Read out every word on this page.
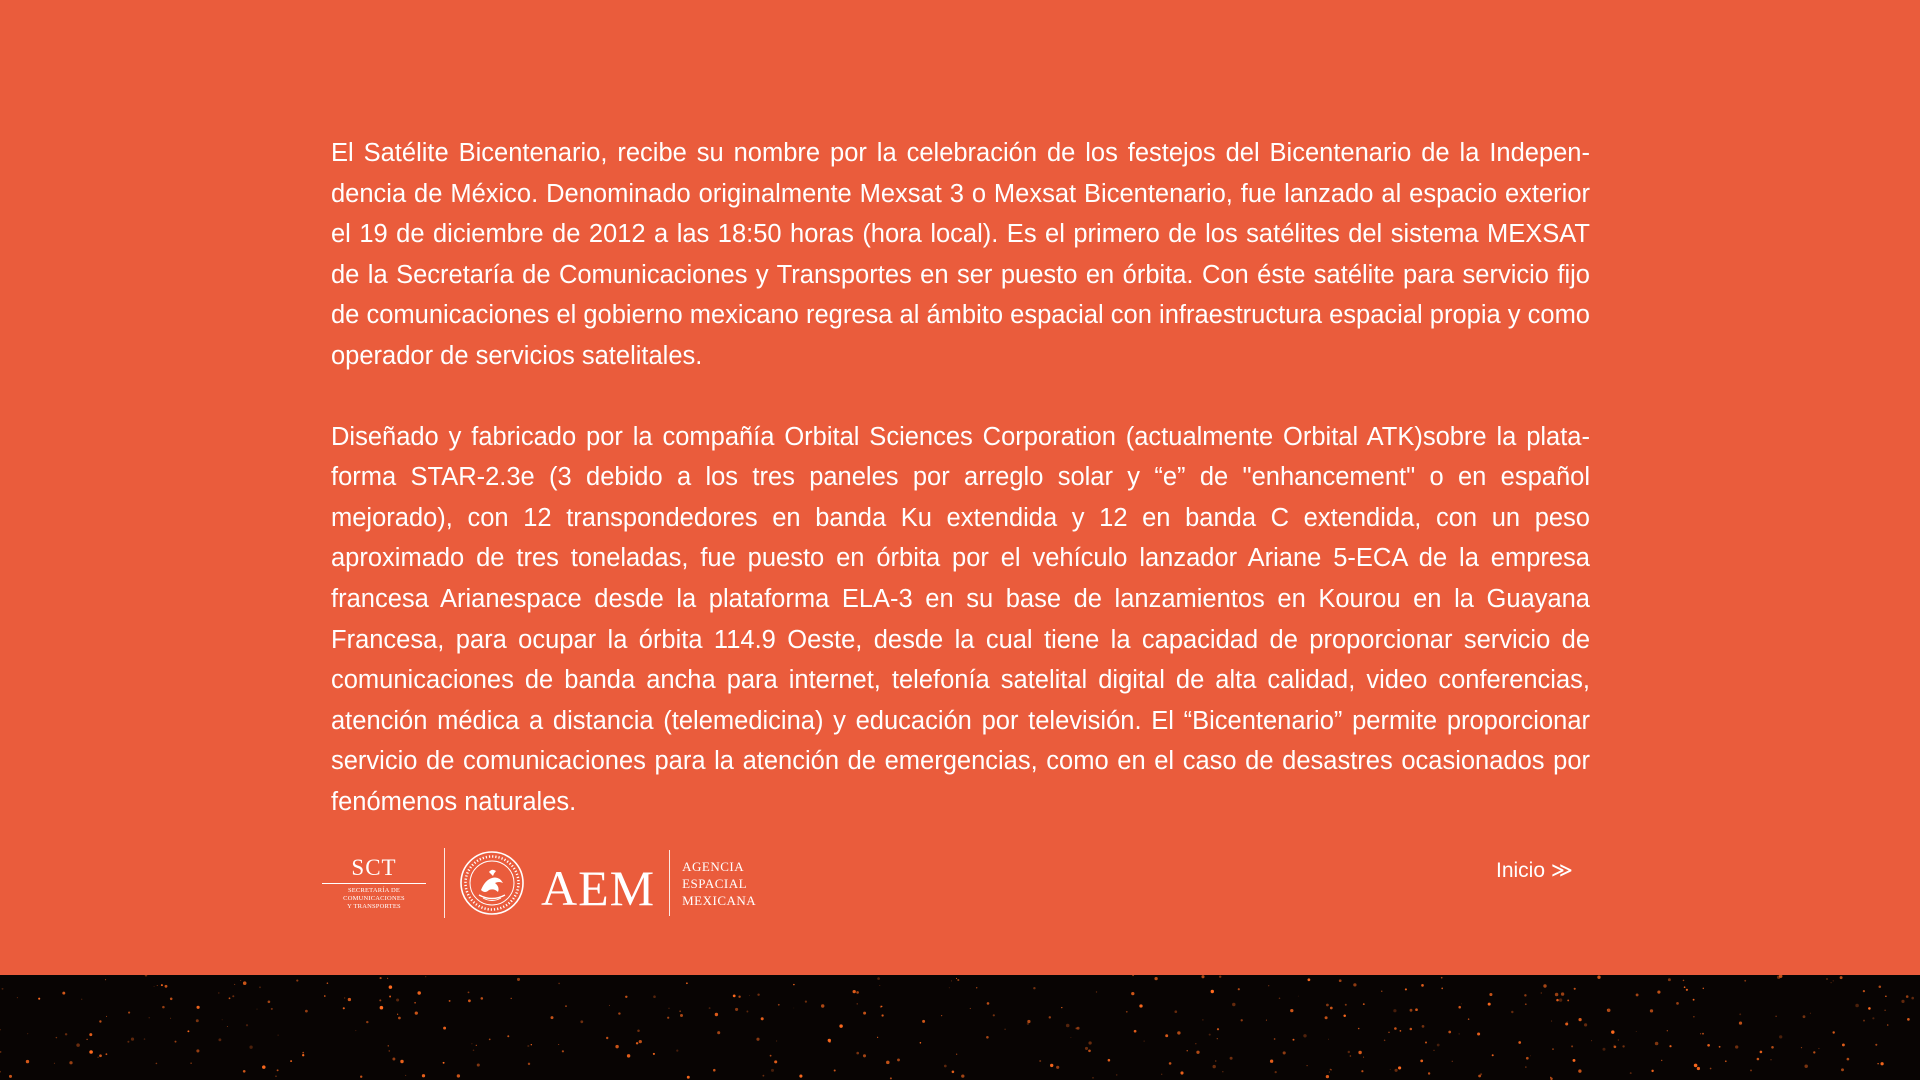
El Satélite Bicentenario, recibe su nombre por la celebración de los festejos del Bicentenario de la Independencia de México. Denominado originalmente Mexsat 3 o Mexsat Bicentenario, fue lanzado al espacio exterior el 19 de diciembre de 2012 a las 18:50 horas (hora local). Es el primero de los satélites del sistema MEXSAT de la Secretaría de Comunicaciones y Transportes en ser puesto en órbita. Con éste satélite para servicio fijo de comunicaciones el gobierno mexicano regresa al ámbito espacial con infraestructura espacial propia y como operador de servicios satelitales.

Diseñado y fabricado por la compañía Orbital Sciences Corporation (actualmente Orbital ATK)sobre la plataforma STAR-2.3e (3 debido a los tres paneles por arreglo solar y “e” de "enhancement" o en español mejorado), con 12 transpondedores en banda Ku extendida y 12 en banda C extendida, con un peso aproximado de tres toneladas, fue puesto en órbita por el vehículo lanzador Ariane 5-ECA de la empresa francesa Arianespace desde la plataforma ELA-3 en su base de lanzamientos en Kourou en la Guayana Francesa, para ocupar la órbita 114.9 Oeste, desde la cual tiene la capacidad de proporcionar servicio de comunicaciones de banda ancha para internet, telefonía satelital digital de alta calidad, video conferencias, atención médica a distancia (telemedicina) y educación por televisión. El “Bicentenario” permite proporcionar servicio de comunicaciones para la atención de emergencias, como en el caso de desastres ocasionados por fenómenos naturales.

SCT
SECRETARÍA DE
COMUNICACIONES
Y TRANSPORTES	AEM AGENCIA
ESPACIAL
MEXICANA
Inicio ≫
